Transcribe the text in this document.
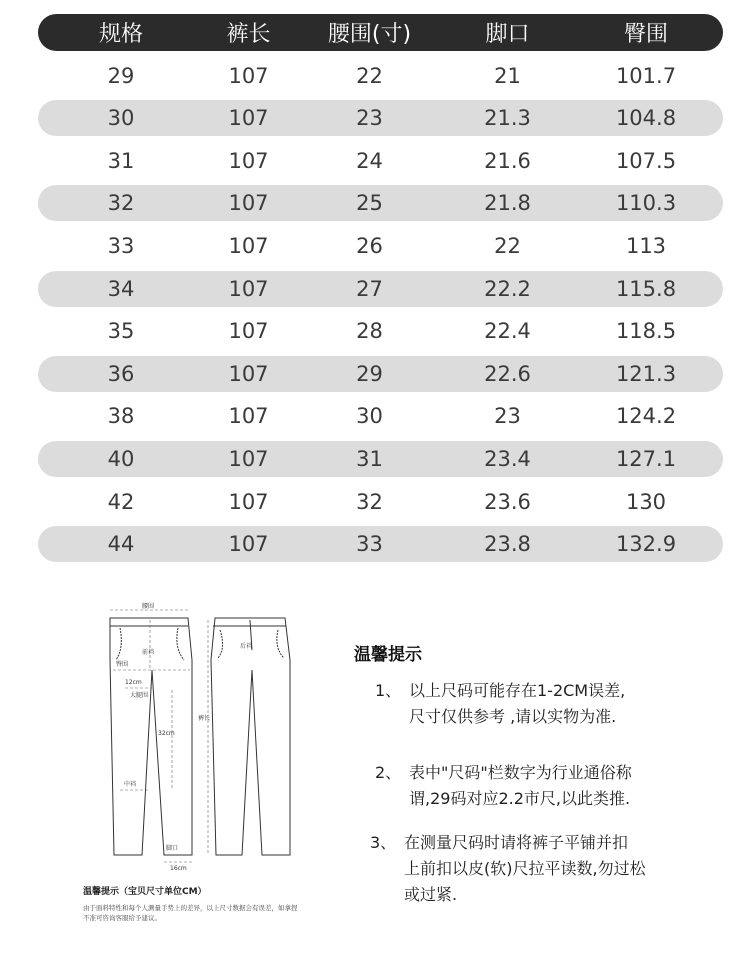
规格	裤长	腰围(寸)	脚口	臀围
29	107	22	21	101.7
30	107	23	21.3	104.8
31	107	24	21.6	107.5
32	107	25	21.8	110.3
33	107	26	22	113
34	107	27	22.2	115.8
35	107	28	22.4	118.5
36	107	29	22.6	121.3
38	107	30	23	124.2
40	107	31	23.4	127.1
42	107	32	23.6	130
44	107	33	23.8	132.9
腰围
臀围
前裆
后裆
12cm
大腿围
32cm
中裆
裤长
脚口
16cm
温馨提示（宝贝尺寸单位CM）
由于面料特性和每个人测量手势上的差异，以上尺寸数据会有误差，如拿捏不准可咨询客服给予建议。
温馨提示
1、 以上尺码可能存在1-2CM误差,
尺寸仅供参考 ,请以实物为准.
2、 表中"尺码"栏数字为行业通俗称
谓,29码对应2.2市尺,以此类推.
3、 在测量尺码时请将裤子平铺并扣
上前扣以皮(软)尺拉平读数,勿过松
或过紧.
